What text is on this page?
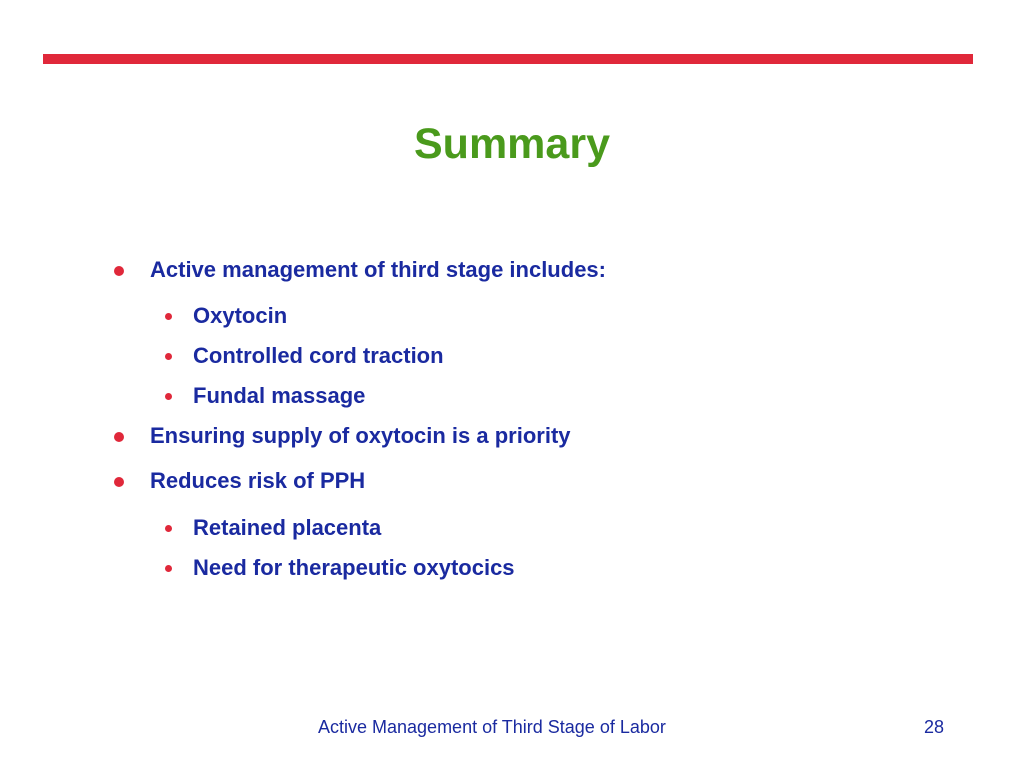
Summary
Active management of third stage includes:
Oxytocin
Controlled cord traction
Fundal massage
Ensuring supply of oxytocin is a priority
Reduces risk of PPH
Retained placenta
Need for therapeutic oxytocics
Active Management of Third Stage of Labor	28
